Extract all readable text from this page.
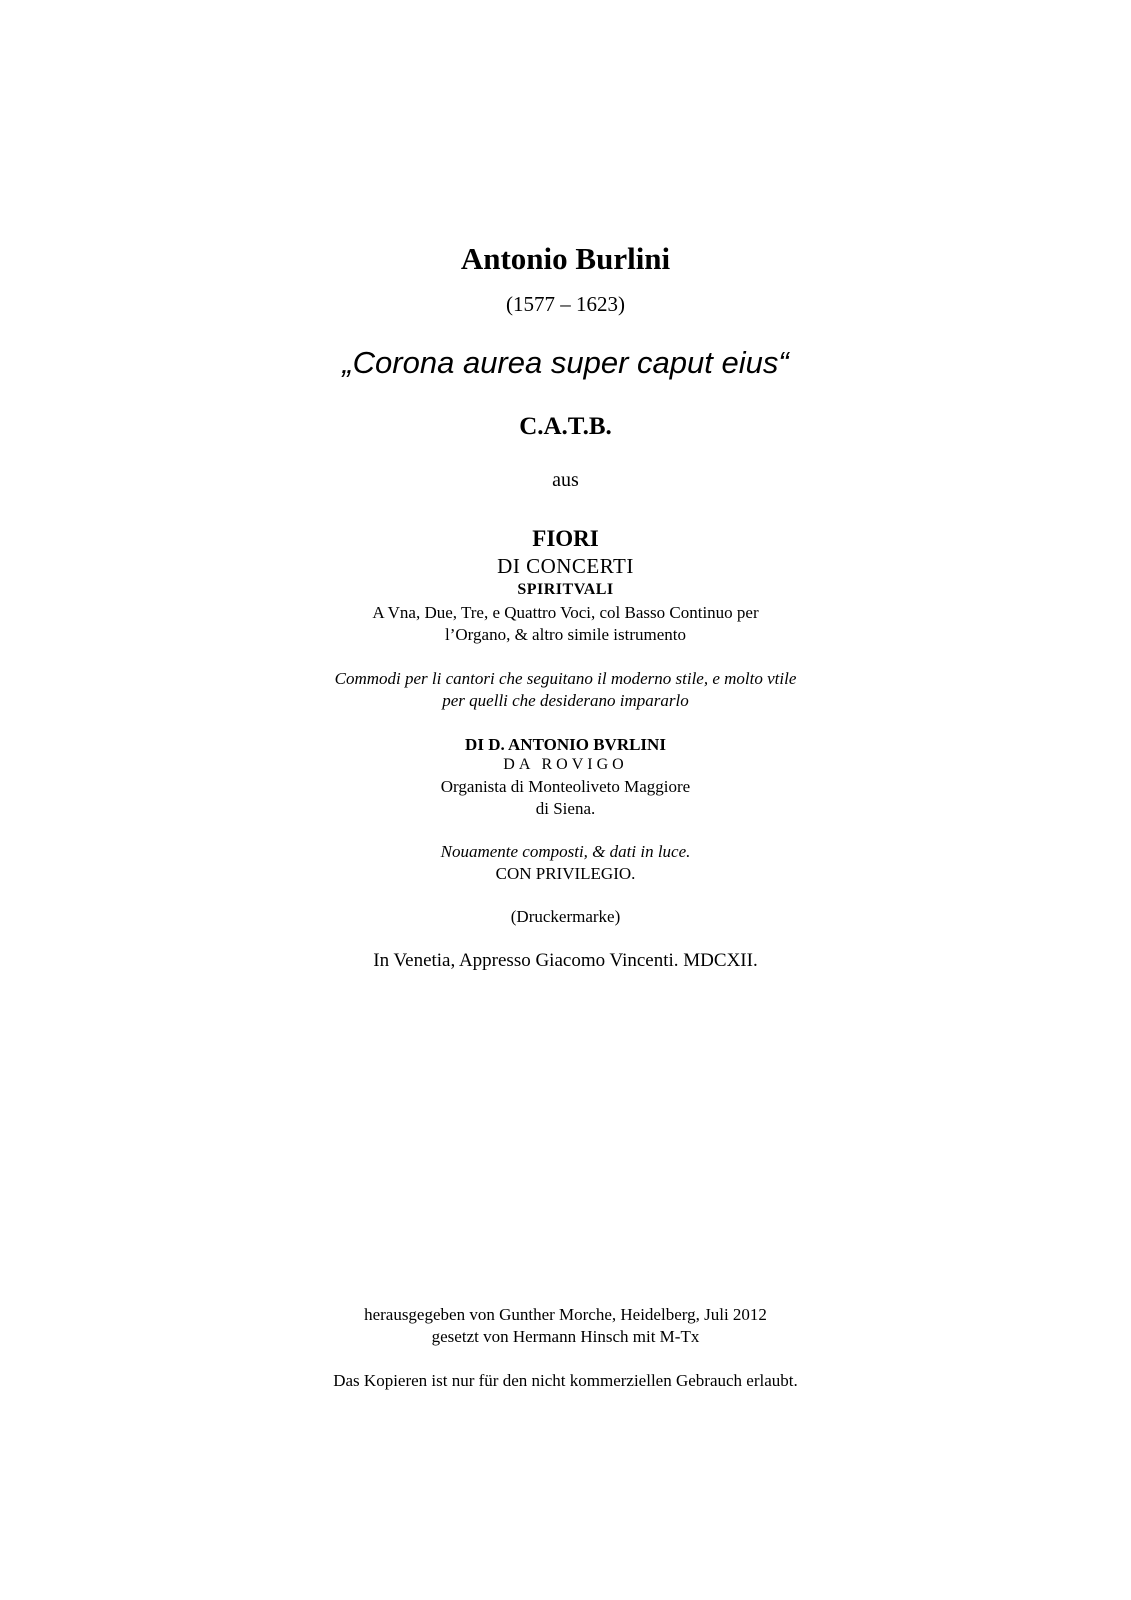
Antonio Burlini
(1577 – 1623)
„Corona aurea super caput eius“
C.A.T.B.
aus
FIORI
DI CONCERTI
SPIRITVALI
A Vna, Due, Tre, e Quattro Voci, col Basso Continuo per
l’Organo, & altro simile istrumento
Commodi per li cantori che seguitano il moderno stile, e molto vtile
per quelli che desiderano impararlo
DI D. ANTONIO BVRLINI
DA ROVIGO
Organista di Monteoliveto Maggiore
di Siena.
Nouamente composti, & dati in luce.
CON PRIVILEGIO.
(Druckermarke)
In Venetia, Appresso Giacomo Vincenti. MDCXII.
herausgegeben von Gunther Morche, Heidelberg, Juli 2012
gesetzt von Hermann Hinsch mit M-Tx
Das Kopieren ist nur für den nicht kommerziellen Gebrauch erlaubt.
